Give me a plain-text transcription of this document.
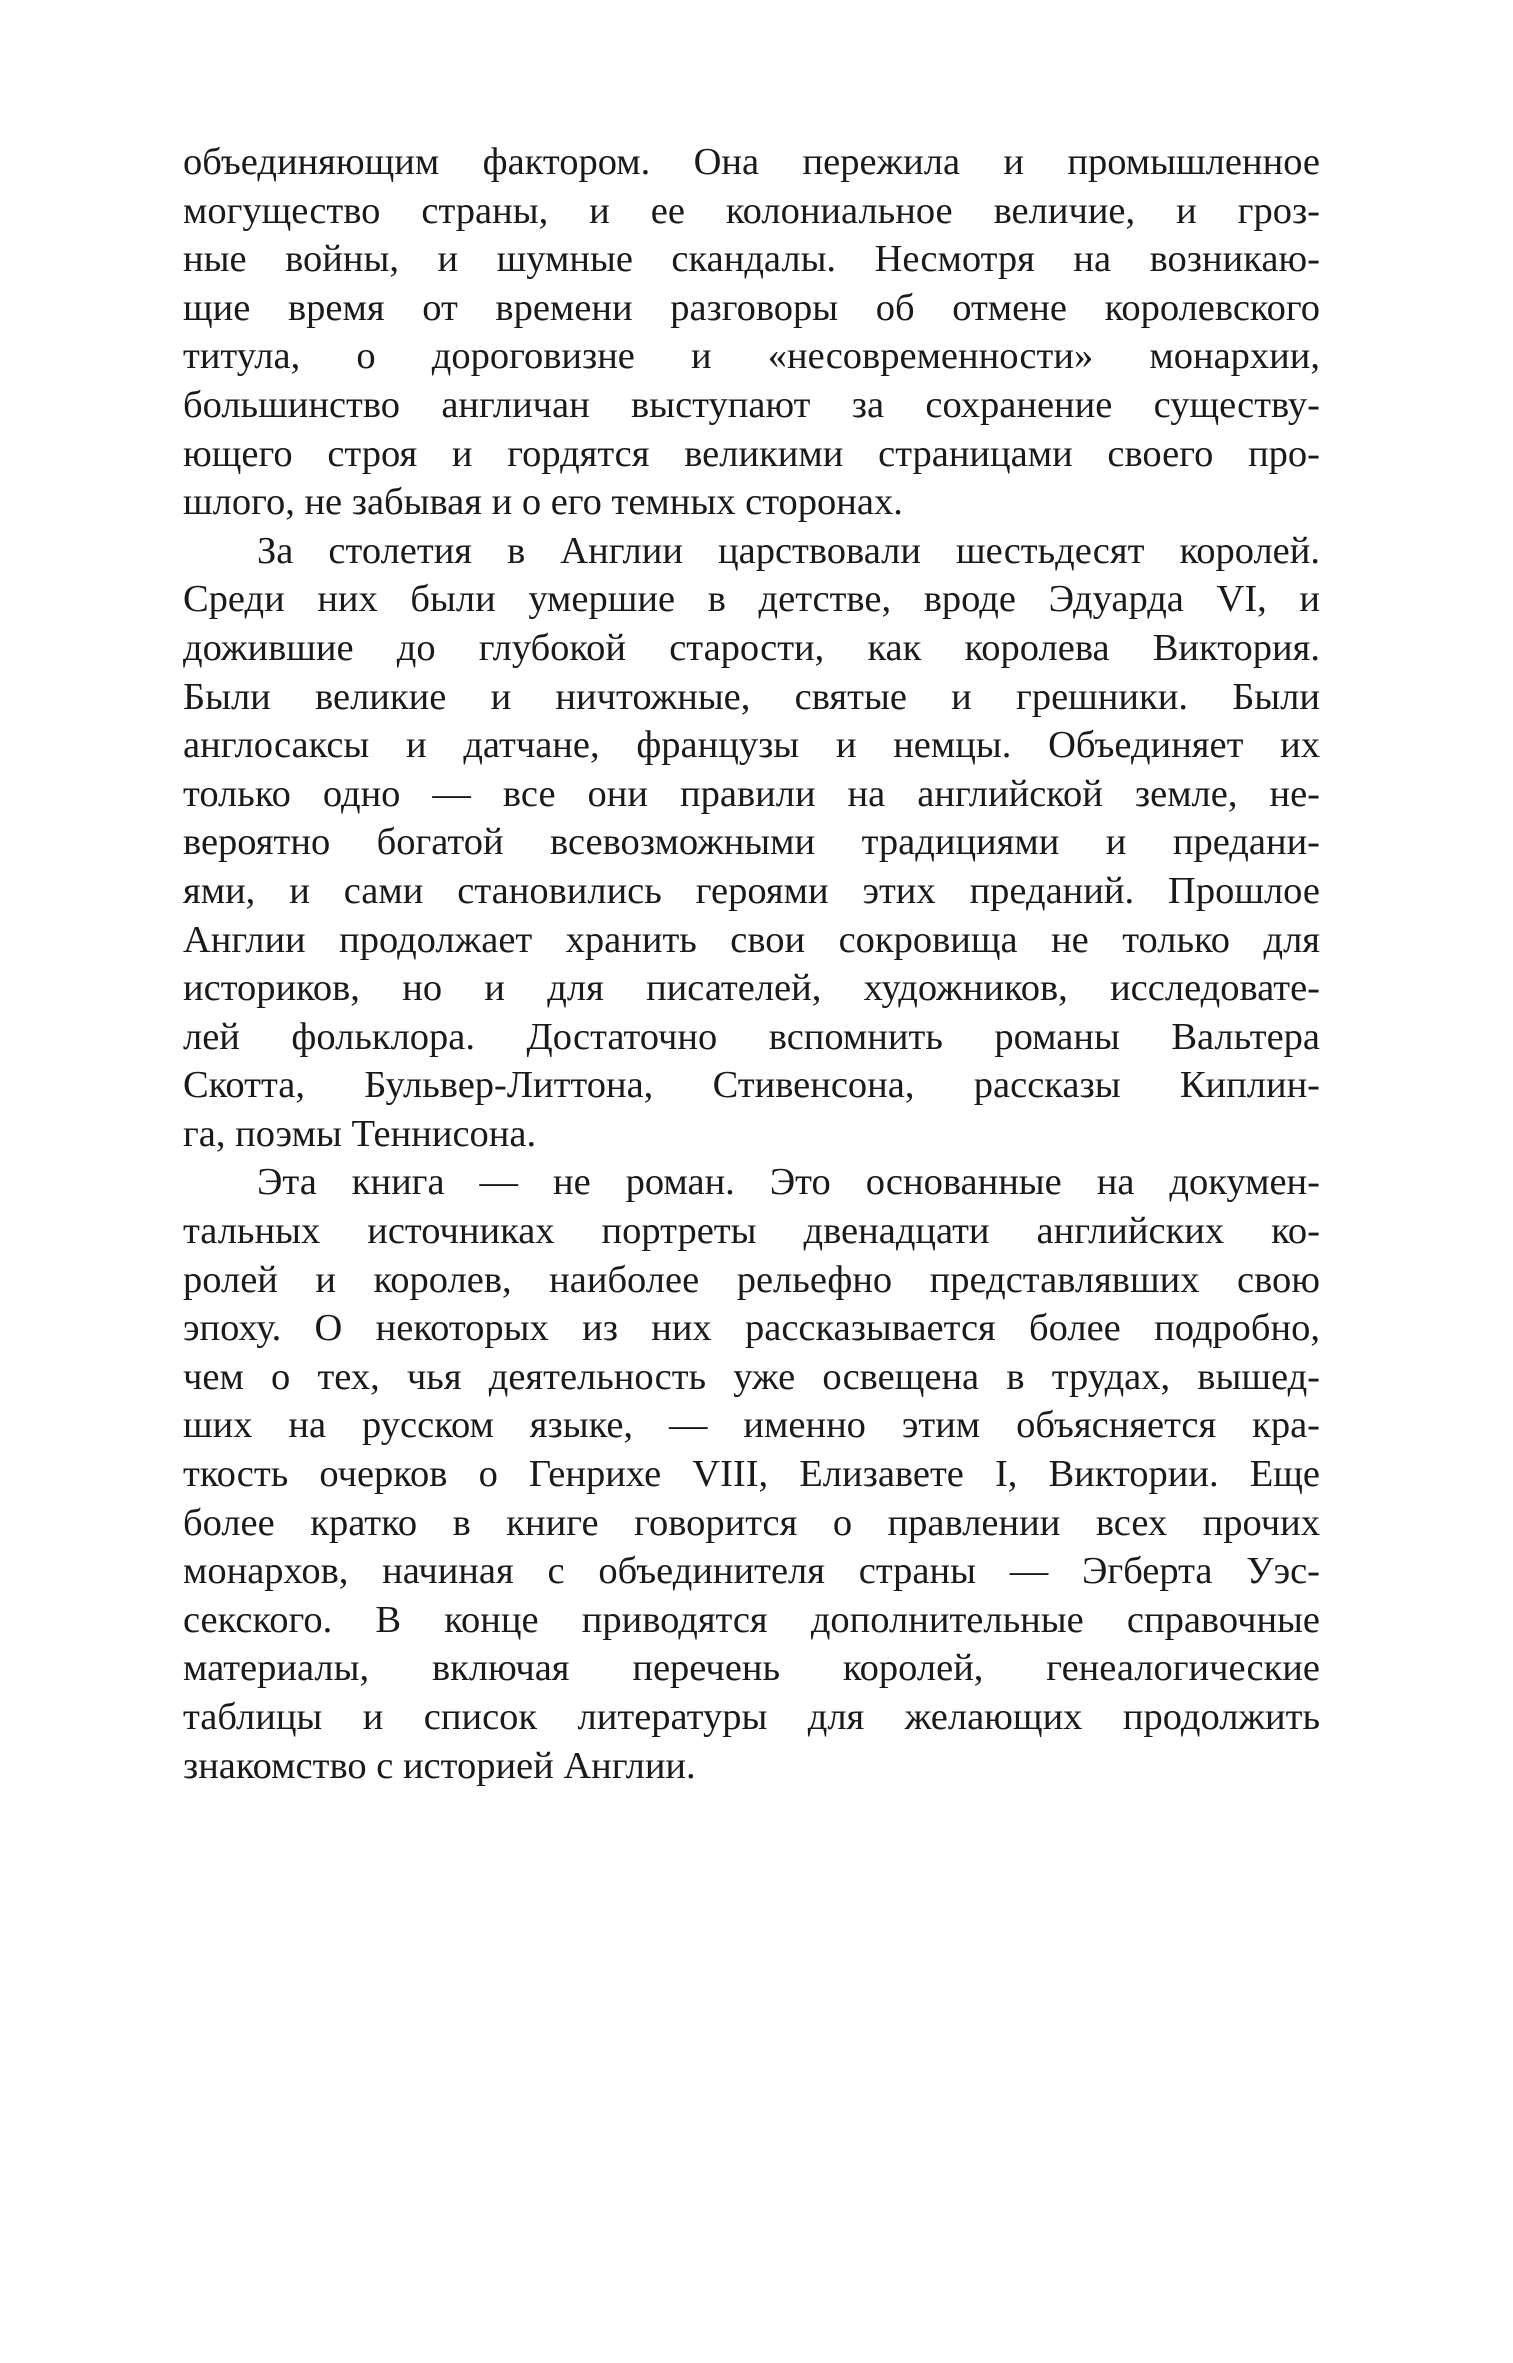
объединяющим фактором. Она пережила и промышленное
могущество страны, и ее колониальное величие, и гроз-
ные войны, и шумные скандалы. Несмотря на возникаю-
щие время от времени разговоры об отмене королевского
титула, о дороговизне и «несовременности» монархии,
большинство англичан выступают за сохранение существу-
ющего строя и гордятся великими страницами своего про-
шлого, не забывая и о его темных сторонах.
За столетия в Англии царствовали шестьдесят королей.
Среди них были умершие в детстве, вроде Эдуарда VI, и
дожившие до глубокой старости, как королева Виктория.
Были великие и ничтожные, святые и грешники. Были
англосаксы и датчане, французы и немцы. Объединяет их
только одно — все они правили на английской земле, не-
вероятно богатой всевозможными традициями и предани-
ями, и сами становились героями этих преданий. Прошлое
Англии продолжает хранить свои сокровища не только для
историков, но и для писателей, художников, исследовате-
лей фольклора. Достаточно вспомнить романы Вальтера
Скотта, Бульвер-Литтона, Стивенсона, рассказы Киплин-
га, поэмы Теннисона.
Эта книга — не роман. Это основанные на докумен-
тальных источниках портреты двенадцати английских ко-
ролей и королев, наиболее рельефно представлявших свою
эпоху. О некоторых из них рассказывается более подробно,
чем о тех, чья деятельность уже освещена в трудах, вышед-
ших на русском языке, — именно этим объясняется кра-
ткость очерков о Генрихе VIII, Елизавете I, Виктории. Еще
более кратко в книге говорится о правлении всех прочих
монархов, начиная с объединителя страны — Эгберта Уэс-
секского. В конце приводятся дополнительные справочные
материалы, включая перечень королей, генеалогические
таблицы и список литературы для желающих продолжить
знакомство с историей Англии.
